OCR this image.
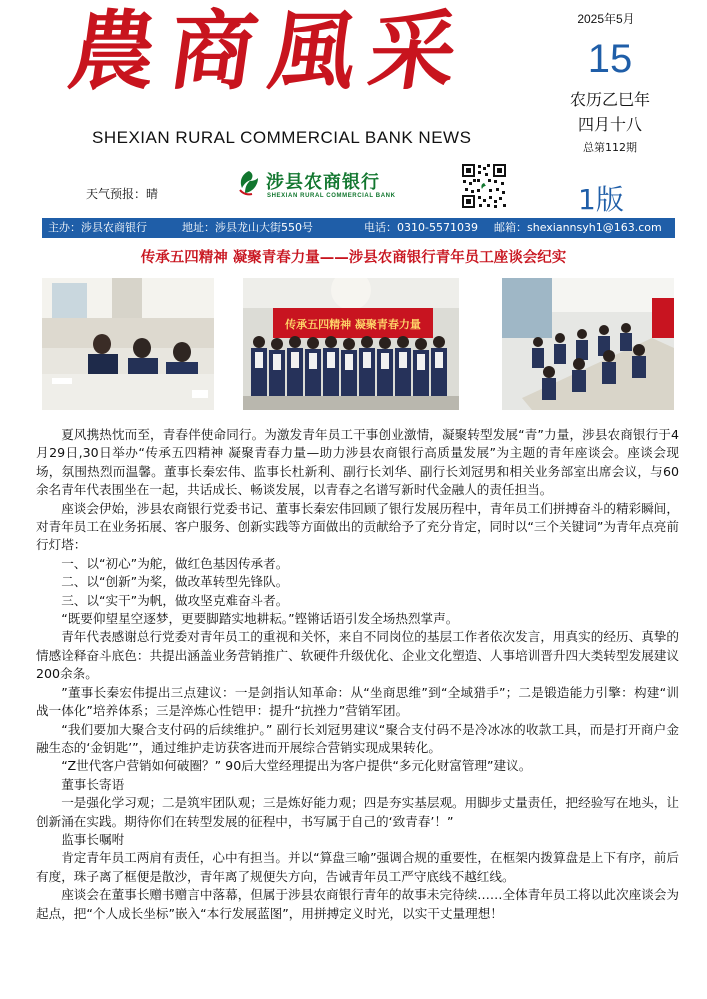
農商風采
SHEXIAN RURAL COMMERCIAL BANK NEWS
2025年5月
15
农历乙巳年
四月十八
总第112期
1版
天气预报：晴
涉县农商银行
SHEXIAN RURAL COMMERCIAL BANK
主办：涉县农商银行	地址：涉县龙山大街550号	电话：0310-5571039 邮箱：shexiannsyh1@163.com
传承五四精神 凝聚青春力量——涉县农商银行青年员工座谈会纪实
传承五四精神 凝聚青春力量

夏风携热忱而至，青春伴使命同行。为激发青年员工干事创业激情，凝聚转型发展“青”力量，涉县农商银行于4月29日,30日举办“传承五四精神 凝聚青春力量—助力涉县农商银行高质量发展”为主题的青年座谈会。座谈会现场，氛围热烈而温馨。董事长秦宏伟、监事长杜新利、副行长刘华、副行长刘冠男和相关业务部室出席会议，与60余名青年代表围坐在一起，共话成长、畅谈发展，以青春之名谱写新时代金融人的责任担当。

座谈会伊始，涉县农商银行党委书记、董事长秦宏伟回顾了银行发展历程中，青年员工们拼搏奋斗的精彩瞬间，对青年员工在业务拓展、客户服务、创新实践等方面做出的贡献给予了充分肯定，同时以“三个关键词”为青年点亮前行灯塔：

一、以“初心”为舵，做红色基因传承者。

二、以“创新”为桨，做改革转型先锋队。

三、以“实干”为帆，做攻坚克难奋斗者。

“既要仰望星空逐梦，更要脚踏实地耕耘。”铿锵话语引发全场热烈掌声。

青年代表感谢总行党委对青年员工的重视和关怀，来自不同岗位的基层工作者依次发言，用真实的经历、真挚的情感诠释奋斗底色：共提出涵盖业务营销推广、软硬件升级优化、企业文化塑造、人事培训晋升四大类转型发展建议200余条。

”董事长秦宏伟提出三点建议：一是剑指认知革命：从“坐商思维”到“全域猎手”；二是锻造能力引擎：构建“训战一体化”培养体系；三是淬炼心性铠甲：提升“抗挫力”营销军团。

“我们要加大聚合支付码的后续维护。” 副行长刘冠男建议“聚合支付码不是冷冰冰的收款工具，而是打开商户金融生态的‘金钥匙’”，通过维护走访获客进而开展综合营销实现成果转化。

“Z世代客户营销如何破圈？” 90后大堂经理提出为客户提供“多元化财富管理”建议。

董事长寄语

一是强化学习观；二是筑牢团队观；三是炼好能力观；四是夯实基层观。用脚步丈量责任，把经验写在地头，让创新涌在实践。期待你们在转型发展的征程中，书写属于自己的‘致青春’！”

监事长嘱咐

肯定青年员工两肩有责任，心中有担当。并以“算盘三喻”强调合规的重要性，在框架内拨算盘是上下有序，前后有度，珠子离了框便是散沙，青年离了规便失方向，告诫青年员工严守底线不越红线。

座谈会在董事长赠书赠言中落幕，但属于涉县农商银行青年的故事未完待续……全体青年员工将以此次座谈会为起点，把“个人成长坐标”嵌入“本行发展蓝图”，用拼搏定义时光，以实干丈量理想！
